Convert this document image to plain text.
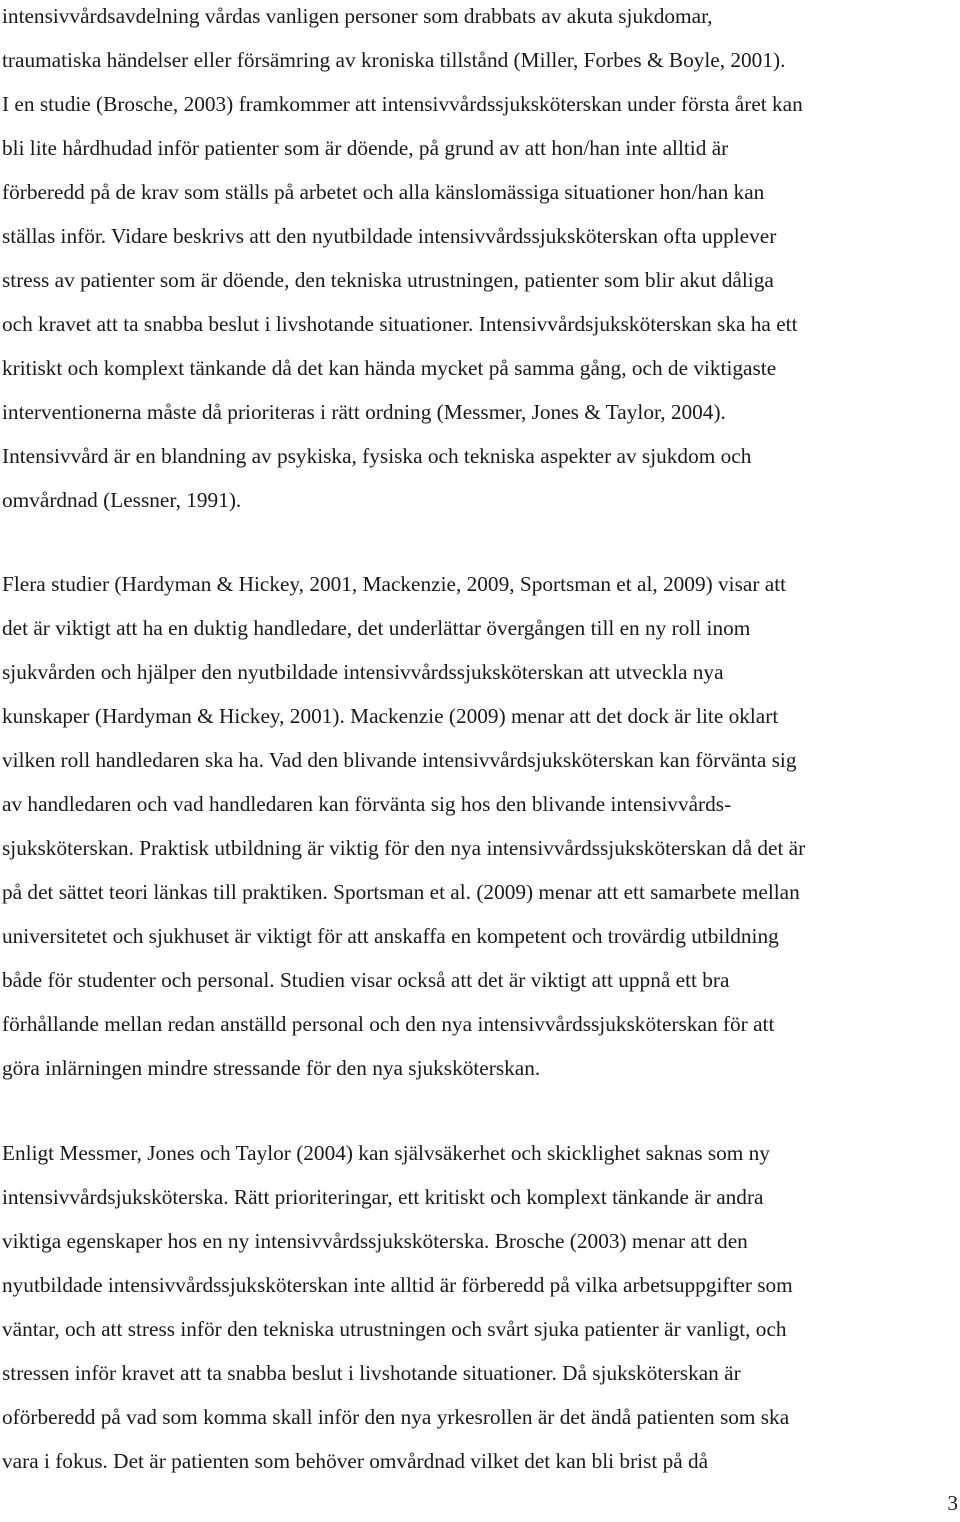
intensivvårdsavdelning vårdas vanligen personer som drabbats av akuta sjukdomar,
traumatiska händelser eller försämring av kroniska tillstånd (Miller, Forbes & Boyle, 2001).
I en studie (Brosche, 2003) framkommer att intensivvårdssjuksköterskan under första året kan
bli lite hårdhudad inför patienter som är döende, på grund av att hon/han inte alltid är
förberedd på de krav som ställs på arbetet och alla känslomässiga situationer hon/han kan
ställas inför. Vidare beskrivs att den nyutbildade intensivvårdssjuksköterskan ofta upplever
stress av patienter som är döende, den tekniska utrustningen, patienter som blir akut dåliga
och kravet att ta snabba beslut i livshotande situationer. Intensivvårdsjuksköterskan ska ha ett
kritiskt och komplext tänkande då det kan hända mycket på samma gång, och de viktigaste
interventionerna måste då prioriteras i rätt ordning (Messmer, Jones & Taylor, 2004).
Intensivvård är en blandning av psykiska, fysiska och tekniska aspekter av sjukdom och
omvårdnad (Lessner, 1991).
Flera studier (Hardyman & Hickey, 2001, Mackenzie, 2009, Sportsman et al, 2009) visar att
det är viktigt att ha en duktig handledare, det underlättar övergången till en ny roll inom
sjukvården och hjälper den nyutbildade intensivvårdssjuksköterskan att utveckla nya
kunskaper (Hardyman & Hickey, 2001). Mackenzie (2009) menar att det dock är lite oklart
vilken roll handledaren ska ha. Vad den blivande intensivvårdsjuksköterskan kan förvänta sig
av handledaren och vad handledaren kan förvänta sig hos den blivande intensivvårds-
sjuksköterskan. Praktisk utbildning är viktig för den nya intensivvårdssjuksköterskan då det är
på det sättet teori länkas till praktiken. Sportsman et al. (2009) menar att ett samarbete mellan
universitetet och sjukhuset är viktigt för att anskaffa en kompetent och trovärdig utbildning
både för studenter och personal. Studien visar också att det är viktigt att uppnå ett bra
förhållande mellan redan anställd personal och den nya intensivvårdssjuksköterskan för att
göra inlärningen mindre stressande för den nya sjuksköterskan.
Enligt Messmer, Jones och Taylor (2004) kan självsäkerhet och skicklighet saknas som ny
intensivvårdsjuksköterska. Rätt prioriteringar, ett kritiskt och komplext tänkande är andra
viktiga egenskaper hos en ny intensivvårdssjuksköterska. Brosche (2003) menar att den
nyutbildade intensivvårdssjuksköterskan inte alltid är förberedd på vilka arbetsuppgifter som
väntar, och att stress inför den tekniska utrustningen och svårt sjuka patienter är vanligt, och
stressen inför kravet att ta snabba beslut i livshotande situationer. Då sjuksköterskan är
oförberedd på vad som komma skall inför den nya yrkesrollen är det ändå patienten som ska
vara i fokus. Det är patienten som behöver omvårdnad vilket det kan bli brist på då
3
